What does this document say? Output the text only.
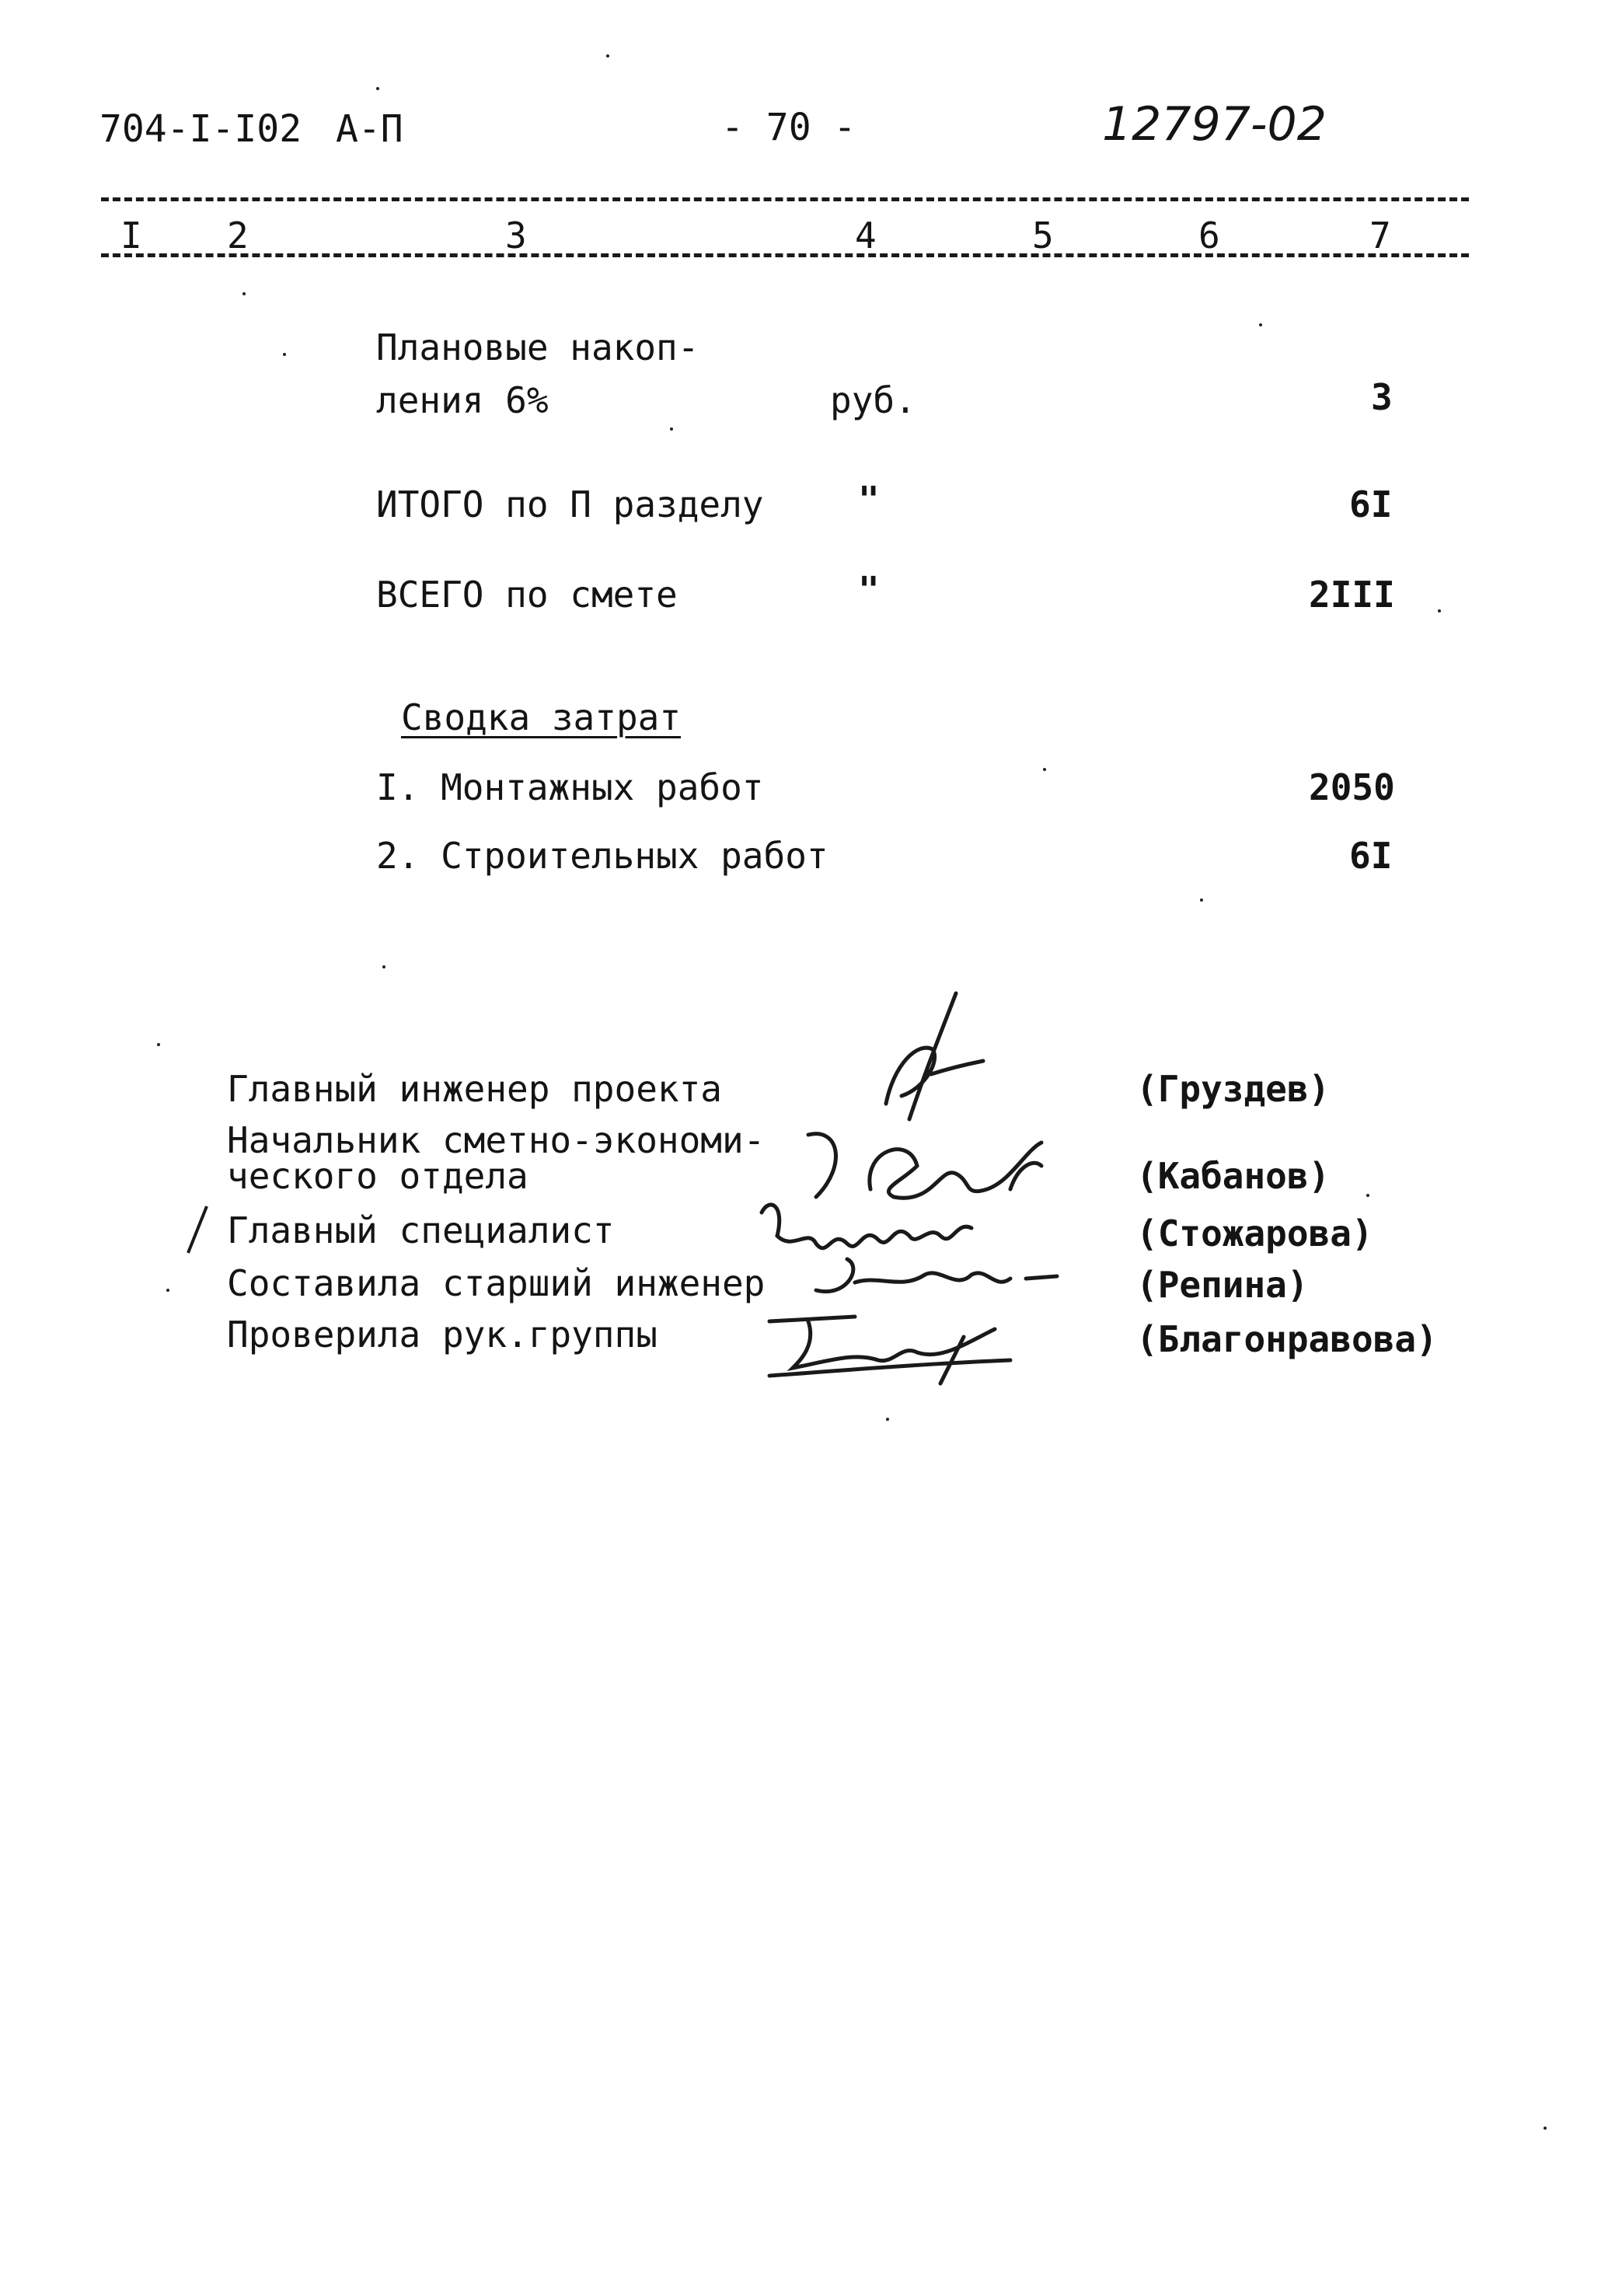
704-I-I02 А-П	- 70 -	12797-02
I 2	3	4	5	6	7
Плановые накоп-
ления 6%	руб.	3
ИТОГО по П разделу	"	6I
ВСЕГО по смете	"	2III
Сводка затрат
I. Монтажных работ	2050
2. Строительных работ	6I
Главный инженер проекта	(Груздев)
Начальник сметно-экономи-
ческого отдела	(Кабанов)
Главный специалист	(Стожарова)
Составила старший инженер	(Репина)
Проверила рук.группы	(Благонравова)
